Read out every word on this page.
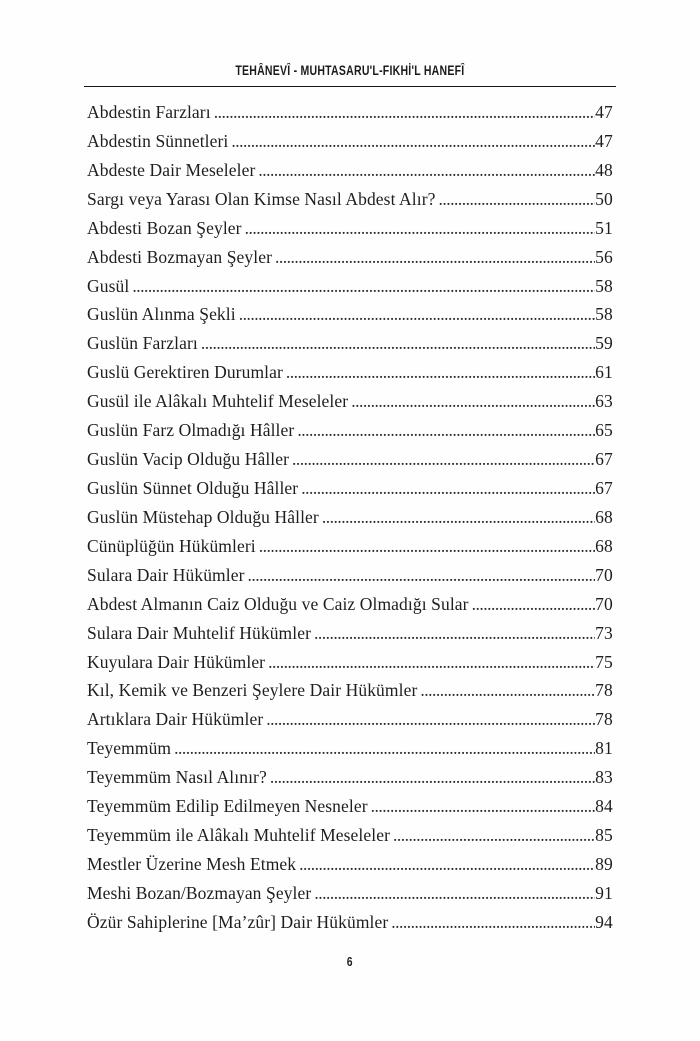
TEHÂNEVÎ - MUHTASARU'L-FIKHİ'L HANEFÎ
Abdestin Farzları .....	47
Abdestin Sünnetleri .....	47
Abdeste Dair Meseleler .....	48
Sargı veya Yarası Olan Kimse Nasıl Abdest Alır? .....	50
Abdesti Bozan Şeyler .....	51
Abdesti Bozmayan Şeyler .....	56
Gusül .....	58
Guslün Alınma Şekli .....	58
Guslün Farzları .....	59
Guslü Gerektiren Durumlar .....	61
Gusül ile Alâkalı Muhtelif Meseleler .....	63
Guslün Farz Olmadığı Hâller .....	65
Guslün Vacip Olduğu Hâller .....	67
Guslün Sünnet Olduğu Hâller .....	67
Guslün Müstehap Olduğu Hâller .....	68
Cünüplüğün Hükümleri .....	68
Sulara Dair Hükümler .....	70
Abdest Almanın Caiz Olduğu ve Caiz Olmadığı Sular .....	70
Sulara Dair Muhtelif Hükümler .....	73
Kuyulara Dair Hükümler .....	75
Kıl, Kemik ve Benzeri Şeylere Dair Hükümler .....	78
Artıklara Dair Hükümler .....	78
Teyemmüm .....	81
Teyemmüm Nasıl Alınır? .....	83
Teyemmüm Edilip Edilmeyen Nesneler .....	84
Teyemmüm ile Alâkalı Muhtelif Meseleler .....	85
Mestler Üzerine Mesh Etmek .....	89
Meshi Bozan/Bozmayan Şeyler .....	91
Özür Sahiplerine [Ma’zûr] Dair Hükümler .....	94
6
